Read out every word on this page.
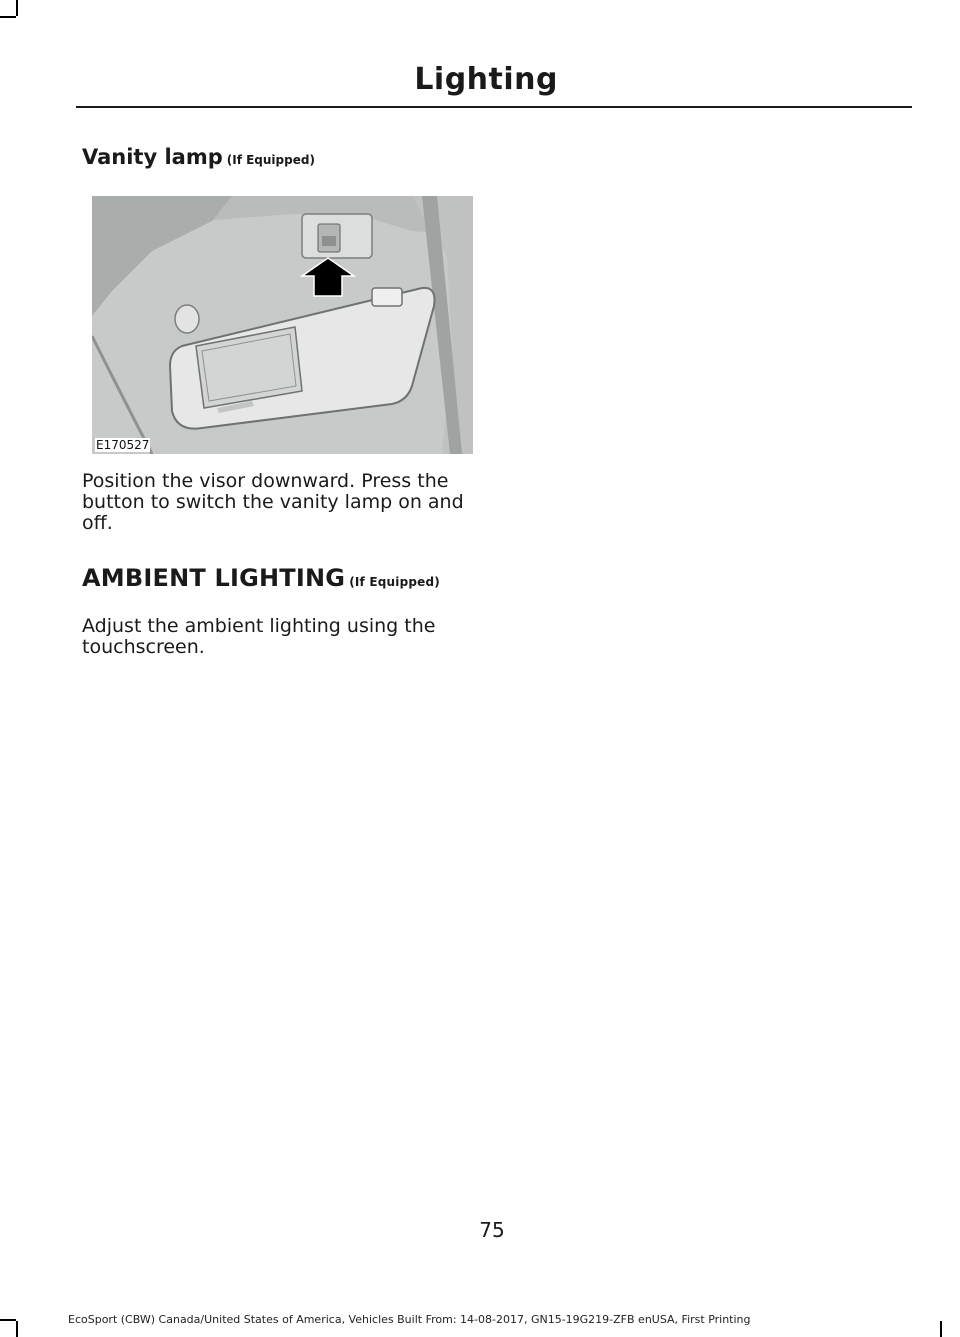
Lighting
Vanity lamp (If Equipped)
E170527

Position the visor downward. Press the button to switch the vanity lamp on and off.

AMBIENT LIGHTING (If Equipped)

Adjust the ambient lighting using the touchscreen.

75
EcoSport (CBW) Canada/United States of America, Vehicles Built From: 14-08-2017, GN15-19G219-ZFB enUSA, First Printing
